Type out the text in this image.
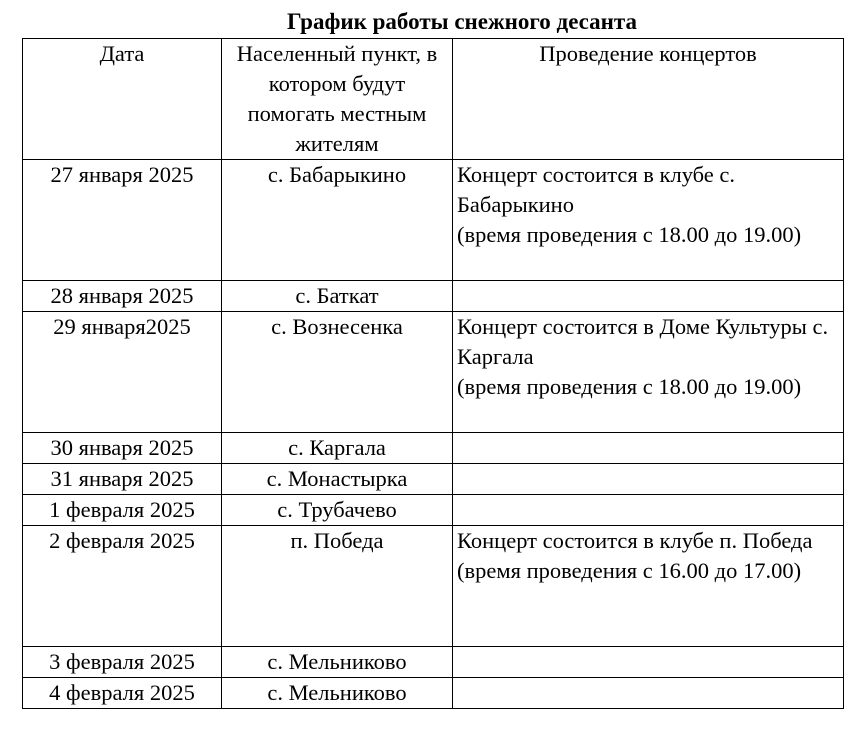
График работы снежного десанта
Дата	Населенный пункт, в котором будут помогать местным жителям	Проведение концертов
27 января 2025	с. Бабарыкино	Концерт состоится в клубе с. Бабарыкино
(время проведения с 18.00 до 19.00)

28 января 2025	с. Баткат	
29 января2025	с. Вознесенка	Концерт состоится в Доме Культуры с. Каргала
(время проведения с 18.00 до 19.00)

30 января 2025	с. Каргала	
31 января 2025	с. Монастырка	
1 февраля 2025	с. Трубачево	
2 февраля 2025	п. Победа	Концерт состоится в клубе п. Победа
(время проведения с 16.00 до 17.00)

3 февраля 2025	с. Мельниково	
4 февраля 2025	с. Мельниково	
